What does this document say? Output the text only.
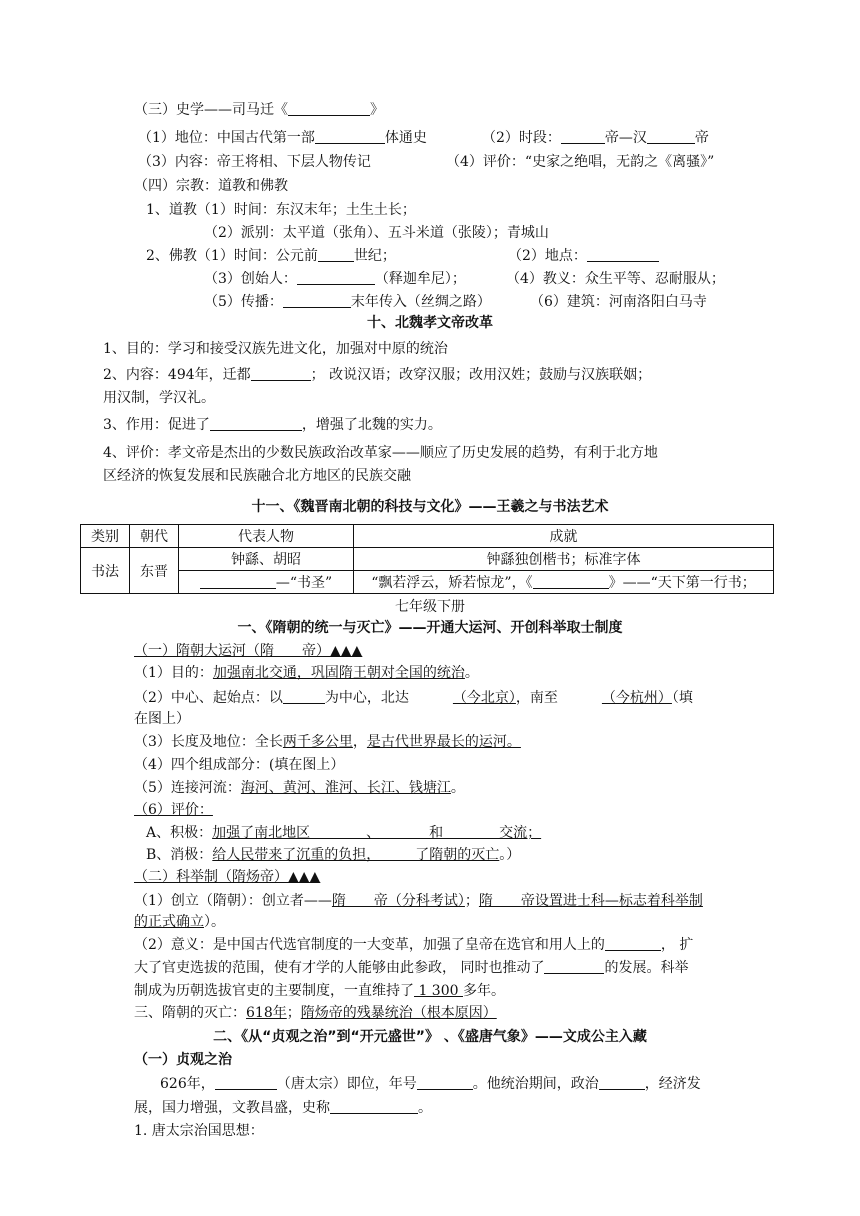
（三）史学——司马迁《	》
（1）地位：中国古代第一部	体通史	（2）时段：	帝—汉	帝
（3）内容：帝王将相、下层人物传记	（4）评价：“史家之绝唱，无韵之《离骚》”
（四）宗教：道教和佛教
1、道教（1）时间：东汉末年；土生土长；
（2）派别：太平道（张角）、五斗米道（张陵）；青城山
2、佛教（1）时间：公元前	世纪；	（2）地点：
（3）创始人：	（释迦牟尼）；	（4）教义：众生平等、忍耐服从；
（5）传播：	末年传入（丝绸之路）	（6）建筑：河南洛阳白马寺
十、北魏孝文帝改革
1、目的：学习和接受汉族先进文化，加强对中原的统治
2、内容：494年，迁都	； 改说汉语；改穿汉服；改用汉姓；鼓励与汉族联姻；
用汉制，学汉礼。
3、作用：促进了	，增强了北魏的实力。
4、评价：孝文帝是杰出的少数民族政治改革家——顺应了历史发展的趋势，有利于北方地
区经济的恢复发展和民族融合北方地区的民族交融
十一、《魏晋南北朝的科技与文化》——王羲之与书法艺术
类别	朝代	代表人物	成就
书法	东晋	钟繇、胡昭	钟繇独创楷书；标准字体
		—“书圣”	“飘若浮云，矫若惊龙”，《 》——“天下第一行书；
七年级下册
一、《隋朝的统一与灭亡》——开通大运河、开创科举取士制度
（一）隋朝大运河（隋　　帝）▲▲▲
（1）目的：加强南北交通，巩固隋王朝对全国的统治。
（2）中心、起始点：以	为中心，北达	（今北京），南至	（今杭州）（填
在图上）
（3）长度及地位：全长两千多公里，是古代世界最长的运河。
（4）四个组成部分：(填在图上）
（5）连接河流：海河、黄河、淮河、长江、钱塘江。
（6）评价：
A、积极：加强了南北地区　　　　、　　　　和　　　　交流；
B、消极：给人民带来了沉重的负担，　　　了隋朝的灭亡。）
（二）科举制（隋炀帝）▲▲▲
（1）创立（隋朝）：创立者——隋　　帝（分科考试）；隋　　帝设置进士科—标志着科举制
的正式确立）。
（2）意义：是中国古代选官制度的一大变革，加强了皇帝在选官和用人上的	， 扩
大了官吏选拔的范围，使有才学的人能够由此参政， 同时也推动了	的发展。科举
制成为历朝选拔官吏的主要制度，一直维持了 1 300 多年。
三、隋朝的灭亡：618年；隋炀帝的残暴统治（根本原因）
二、《从“贞观之治”到“开元盛世”》 、《盛唐气象》——文成公主入藏
（一）贞观之治
626年，	（唐太宗）即位，年号	。他统治期间，政治	，经济发
展，国力增强，文教昌盛，史称	。
1. 唐太宗治国思想：
